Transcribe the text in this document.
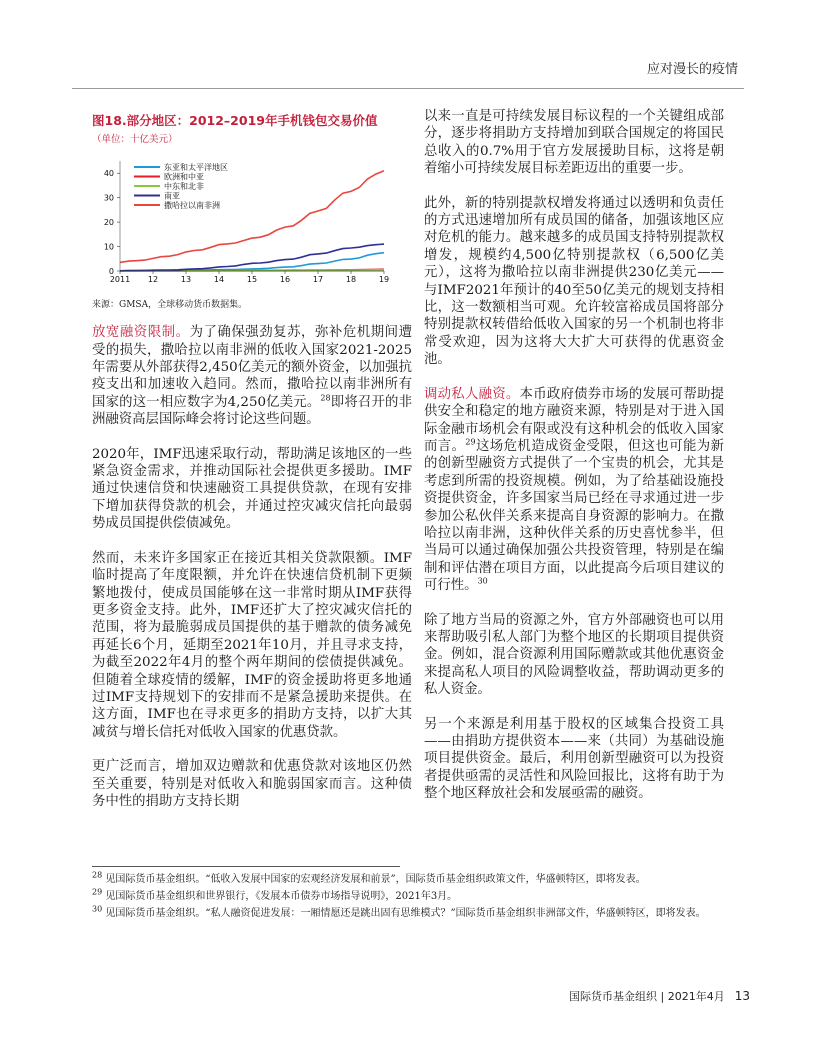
应对漫长的疫情
图18.部分地区：2012–2019年手机钱包交易价值
（单位：十亿美元）
0
10
20
30
40
2011 12	13	14	15	16	17	18	19
东亚和太平洋地区
欧洲和中亚
中东和北非
南亚
撒哈拉以南非洲
来源：GMSA，全球移动货币数据集。

放宽融资限制。为了确保强劲复苏，弥补危机期间遭受的损失，撒哈拉以南非洲的低收入国家2021-2025年需要从外部获得2,450亿美元的额外资金，以加强抗疫支出和加速收入趋同。然而，撒哈拉以南非洲所有国家的这一相应数字为4,250亿美元。$^{28}$即将召开的非洲融资高层国际峰会将讨论这些问题。

2020年，IMF迅速采取行动，帮助满足该地区的一些紧急资金需求，并推动国际社会提供更多援助。IMF通过快速信贷和快速融资工具提供贷款，在现有安排下增加获得贷款的机会，并通过控灾减灾信托向最弱势成员国提供偿债减免。

然而，未来许多国家正在接近其相关贷款限额。IMF临时提高了年度限额，并允许在快速信贷机制下更频繁地拨付，使成员国能够在这一非常时期从IMF获得更多资金支持。此外，IMF还扩大了控灾减灾信托的范围，将为最脆弱成员国提供的基于赠款的债务减免再延长6个月，延期至2021年10月，并且寻求支持，为截至2022年4月的整个两年期间的偿债提供减免。但随着全球疫情的缓解，IMF的资金援助将更多地通过IMF支持规划下的安排而不是紧急援助来提供。在这方面，IMF也在寻求更多的捐助方支持，以扩大其减贫与增长信托对低收入国家的优惠贷款。

更广泛而言，增加双边赠款和优惠贷款对该地区仍然至关重要，特别是对低收入和脆弱国家而言。这种债务中性的捐助方支持长期

以来一直是可持续发展目标议程的一个关键组成部分，逐步将捐助方支持增加到联合国规定的将国民总收入的0.7%用于官方发展援助目标，这将是朝着缩小可持续发展目标差距迈出的重要一步。

此外，新的特别提款权增发将通过以透明和负责任的方式迅速增加所有成员国的储备，加强该地区应对危机的能力。越来越多的成员国支持特别提款权增发，规模约4,500亿特别提款权（6,500亿美元），这将为撒哈拉以南非洲提供230亿美元——与IMF2021年预计的40至50亿美元的规划支持相比，这一数额相当可观。允许较富裕成员国将部分特别提款权转借给低收入国家的另一个机制也将非常受欢迎，因为这将大大扩大可获得的优惠资金池。

调动私人融资。本币政府债券市场的发展可帮助提供安全和稳定的地方融资来源，特别是对于进入国际金融市场机会有限或没有这种机会的低收入国家而言。$^{29}$这场危机造成资金受限，但这也可能为新的创新型融资方式提供了一个宝贵的机会，尤其是考虑到所需的投资规模。例如，为了给基础设施投资提供资金，许多国家当局已经在寻求通过进一步参加公私伙伴关系来提高自身资源的影响力。在撒哈拉以南非洲，这种伙伴关系的历史喜忧参半，但当局可以通过确保加强公共投资管理，特别是在编制和评估潜在项目方面，以此提高今后项目建议的可行性。$^{30}$

除了地方当局的资源之外，官方外部融资也可以用来帮助吸引私人部门为整个地区的长期项目提供资金。例如，混合资源利用国际赠款或其他优惠资金来提高私人项目的风险调整收益，帮助调动更多的私人资金。

另一个来源是利用基于股权的区域集合投资工具——由捐助方提供资本——来（共同）为基础设施项目提供资金。最后，利用创新型融资可以为投资者提供亟需的灵活性和风险回报比，这将有助于为整个地区释放社会和发展亟需的融资。

$^{28}$ 见国际货币基金组织。“低收入发展中国家的宏观经济发展和前景”，国际货币基金组织政策文件，华盛顿特区，即将发表。
$^{29}$ 见国际货币基金组织和世界银行，《发展本币债券市场指导说明》，2021年3月。
$^{30}$ 见国际货币基金组织。“私人融资促进发展：一厢情愿还是跳出固有思维模式？”国际货币基金组织非洲部文件，华盛顿特区，即将发表。
国际货币基金组织 | 2021年4月 13
